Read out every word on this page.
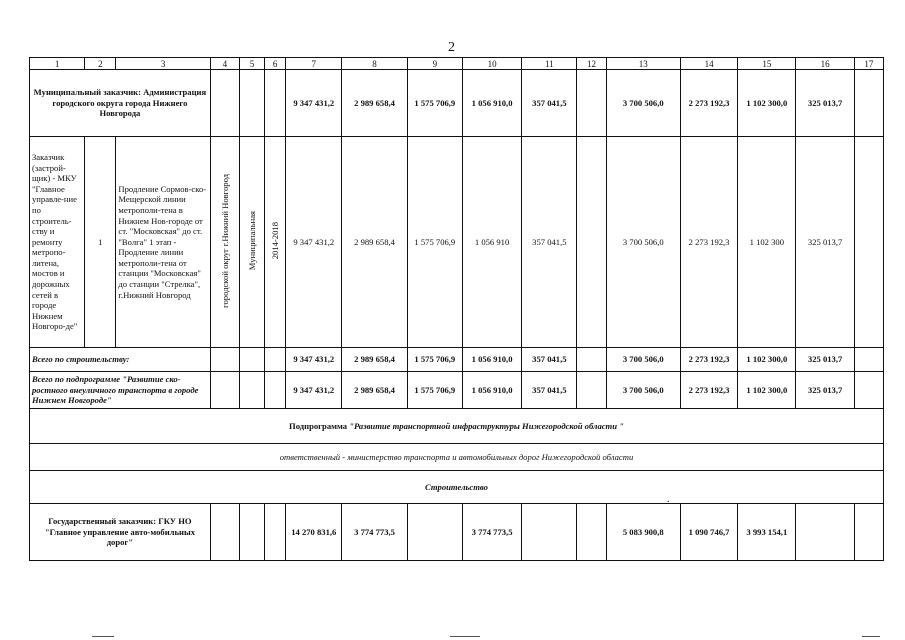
2
1	2	3	4	5	6	7	8	9	10	11	12	13	14	15	16	17
Муниципальный заказчик: Администрация городского округа города Нижнего Новгорода						9 347 431,2	2 989 658,4	1 575 706,9	1 056 910,0	357 041,5		3 700 506,0	2 273 192,3	1 102 300,0	325 013,7	
Заказчик (застрой-щик) - МКУ "Главное управле-ние по строитель-ству и ремонту метропо-литена, мостов и дорожных сетей в городе Нижнем Новгоро-де"	1	Продление Сормов-ско-Мещерской линии метрополи-тена в Нижнем Нов-городе от ст. "Московская" до ст. "Волга" 1 этап - Продление линии метрополи-тена от станции "Московская" до станции "Стрелка", г.Нижний Новгород	городской округ г.Нижний Новгород	Муниципальная	2014-2018	9 347 431,2	2 989 658,4	1 575 706,9	1 056 910	357 041,5		3 700 506,0	2 273 192,3	1 102 300	325 013,7	
Всего по строительству:						9 347 431,2	2 989 658,4	1 575 706,9	1 056 910,0	357 041,5		3 700 506,0	2 273 192,3	1 102 300,0	325 013,7	
Всего по подпрограмме "Развитие ско-ростного внеуличного транспорта в городе Нижнем Новгороде"						9 347 431,2	2 989 658,4	1 575 706,9	1 056 910,0	357 041,5		3 700 506,0	2 273 192,3	1 102 300,0	325 013,7	
Подпрограмма "Развитие транспортной инфраструктуры Нижегородской области "																
ответственный - министерство транспорта и автомобильных дорог Нижегородской области																
Строительство																
Государственный заказчик: ГКУ НО "Главное управление авто-мобильных дорог"						14 270 831,6	3 774 773,5		3 774 773,5			5 083 900,8	1 090 746,7	3 993 154,1		
.
